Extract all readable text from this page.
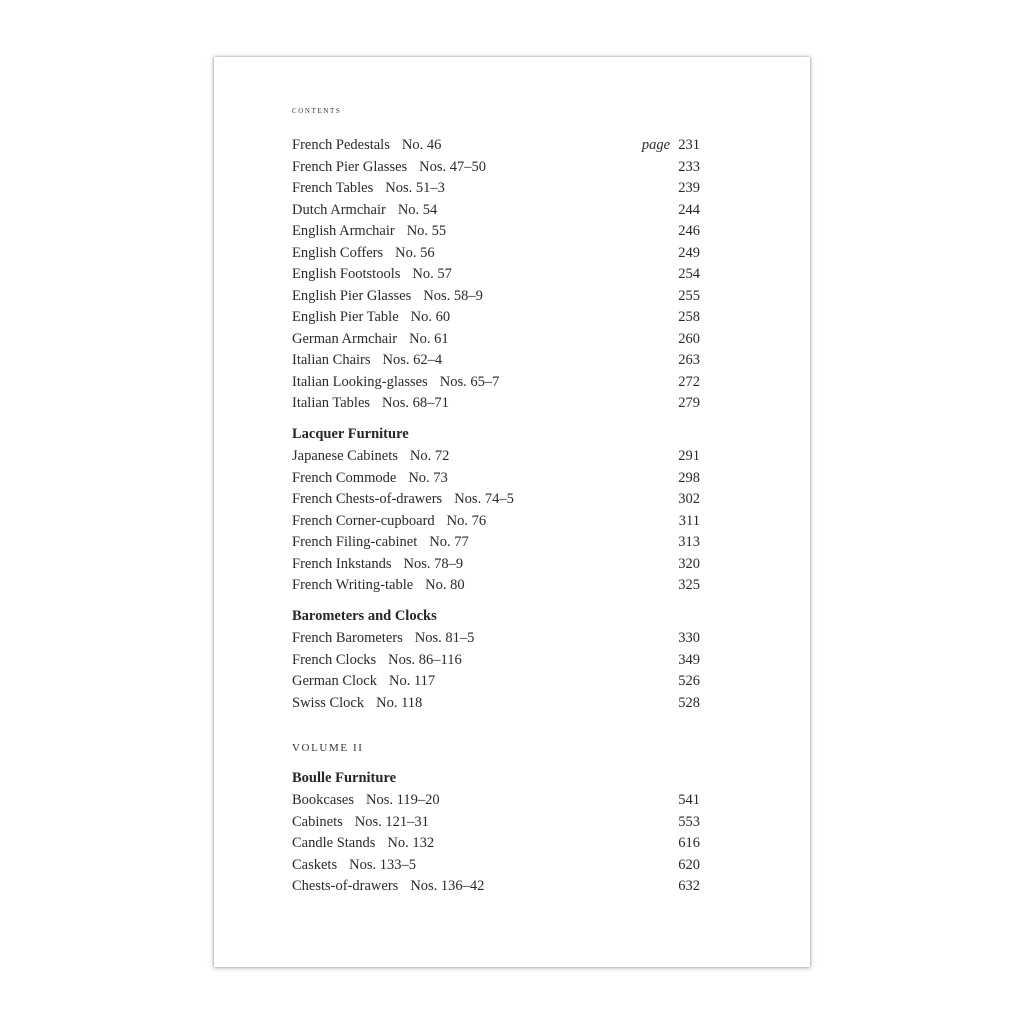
contents
French Pedestals No. 46	page 231
French Pier Glasses Nos. 47–50	233
French Tables Nos. 51–3	239
Dutch Armchair No. 54	244
English Armchair No. 55	246
English Coffers No. 56	249
English Footstools No. 57	254
English Pier Glasses Nos. 58–9	255
English Pier Table No. 60	258
German Armchair No. 61	260
Italian Chairs Nos. 62–4	263
Italian Looking-glasses Nos. 65–7	272
Italian Tables Nos. 68–71	279
Lacquer Furniture
Japanese Cabinets No. 72	291
French Commode No. 73	298
French Chests-of-drawers Nos. 74–5	302
French Corner-cupboard No. 76	311
French Filing-cabinet No. 77	313
French Inkstands Nos. 78–9	320
French Writing-table No. 80	325
Barometers and Clocks
French Barometers Nos. 81–5	330
French Clocks Nos. 86–116	349
German Clock No. 117	526
Swiss Clock No. 118	528
VOLUME II
Boulle Furniture
Bookcases Nos. 119–20	541
Cabinets Nos. 121–31	553
Candle Stands No. 132	616
Caskets Nos. 133–5	620
Chests-of-drawers Nos. 136–42	632
